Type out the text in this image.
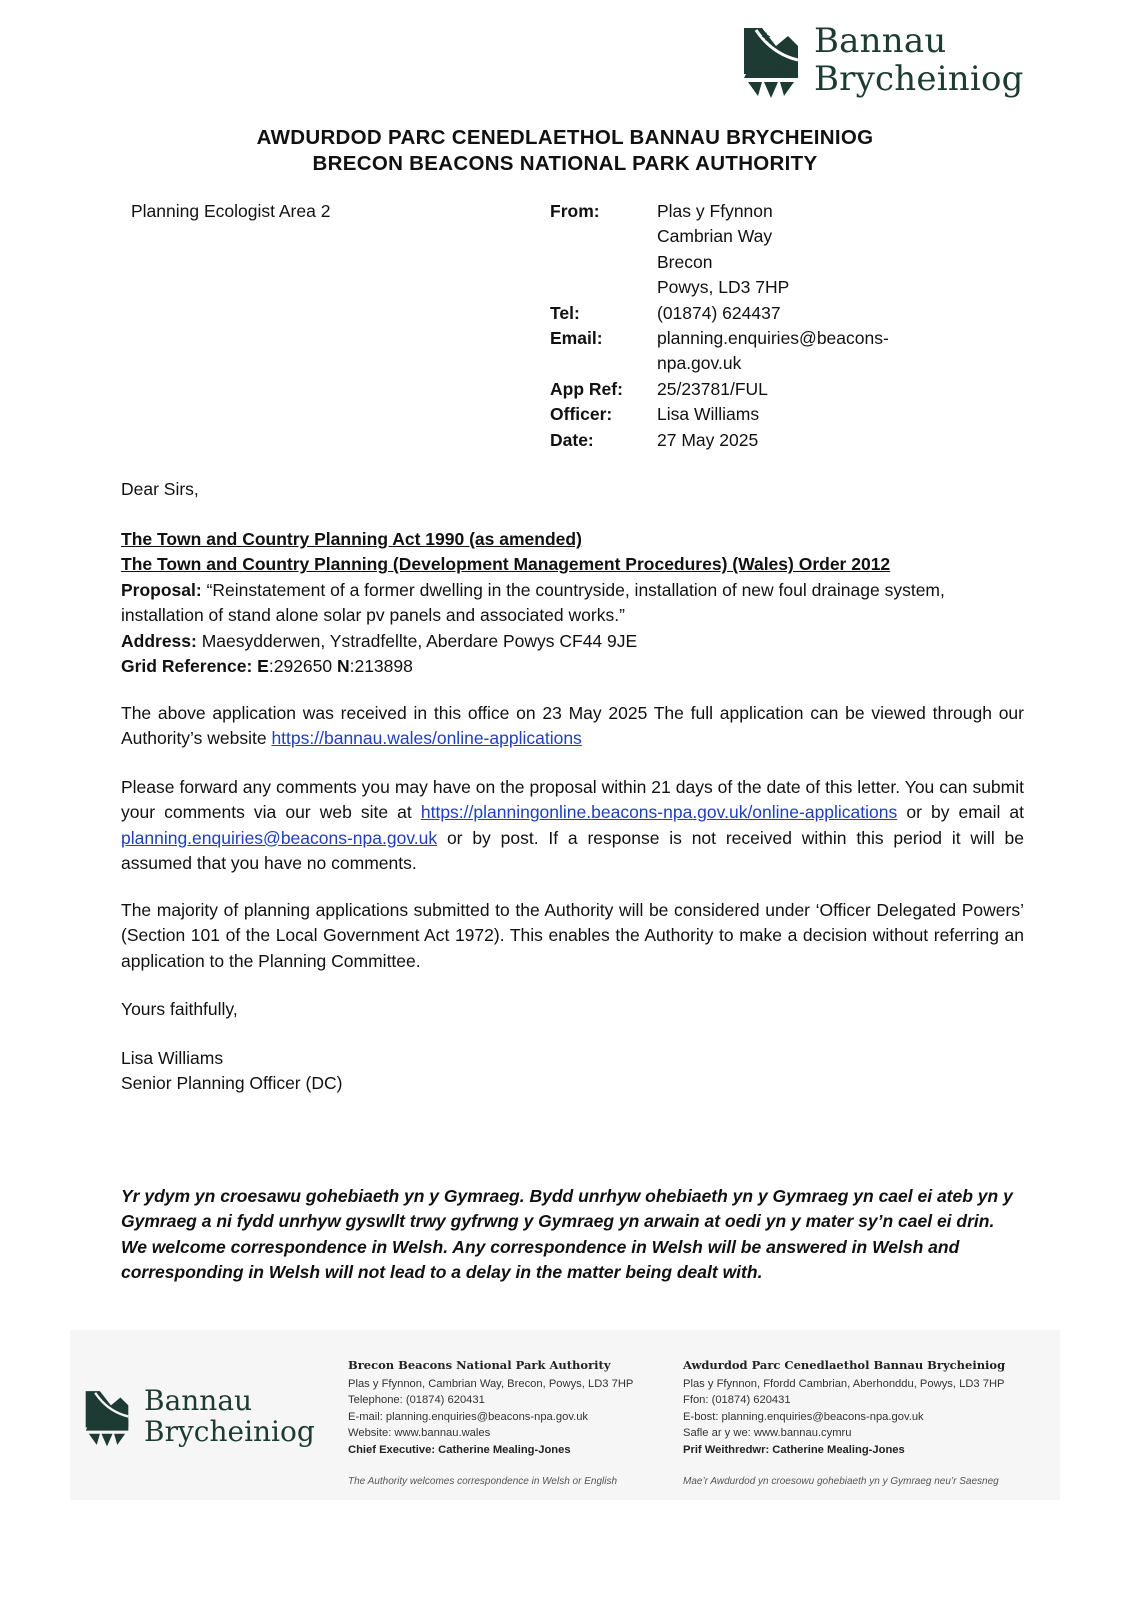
Bannau
Brycheiniog
AWDURDOD PARC CENEDLAETHOL BANNAU BRYCHEINIOG
BRECON BEACONS NATIONAL PARK AUTHORITY
Planning Ecologist Area 2	From:	Plas y Ffynnon
Cambrian Way
Brecon
Powys, LD3 7HP
Tel:	(01874) 624437
Email:	planning.enquiries@beacons-
npa.gov.uk
App Ref:	25/23781/FUL
Officer:	Lisa Williams
Date:	27 May 2025
Dear Sirs,
The Town and Country Planning Act 1990 (as amended)
The Town and Country Planning (Development Management Procedures) (Wales) Order 2012
Proposal: “Reinstatement of a former dwelling in the countryside, installation of new foul drainage system, installation of stand alone solar pv panels and associated works.”
Address: Maesydderwen, Ystradfellte, Aberdare Powys CF44 9JE
Grid Reference: E:292650 N:213898
The above application was received in this office on 23 May 2025 The full application can be viewed through our Authority’s website https://bannau.wales/online-applications
Please forward any comments you may have on the proposal within 21 days of the date of this letter. You can submit your comments via our web site at https://planningonline.beacons-npa.gov.uk/online-applications or by email at planning.enquiries@beacons-npa.gov.uk or by post. If a response is not received within this period it will be assumed that you have no comments.
The majority of planning applications submitted to the Authority will be considered under ‘Officer Delegated Powers’ (Section 101 of the Local Government Act 1972). This enables the Authority to make a decision without referring an application to the Planning Committee.
Yours faithfully,
Lisa Williams
Senior Planning Officer (DC)
Yr ydym yn croesawu gohebiaeth yn y Gymraeg. Bydd unrhyw ohebiaeth yn y Gymraeg yn cael ei ateb yn y Gymraeg a ni fydd unrhyw gyswllt trwy gyfrwng y Gymraeg yn arwain at oedi yn y mater sy’n cael ei drin.
We welcome correspondence in Welsh. Any correspondence in Welsh will be answered in Welsh and corresponding in Welsh will not lead to a delay in the matter being dealt with.
Bannau
Brycheiniog
Brecon Beacons National Park Authority
Plas y Ffynnon, Cambrian Way, Brecon, Powys, LD3 7HP
Telephone: (01874) 620431
E-mail: planning.enquiries@beacons-npa.gov.uk
Website: www.bannau.wales
Chief Executive: Catherine Mealing-Jones
The Authority welcomes correspondence in Welsh or English
Awdurdod Parc Cenedlaethol Bannau Brycheiniog
Plas y Ffynnon, Ffordd Cambrian, Aberhonddu, Powys, LD3 7HP
Ffon: (01874) 620431
E-bost: planning.enquiries@beacons-npa.gov.uk
Safle ar y we: www.bannau.cymru
Prif Weithredwr: Catherine Mealing-Jones
Mae’r Awdurdod yn croesowu gohebiaeth yn y Gymraeg neu’r Saesneg
